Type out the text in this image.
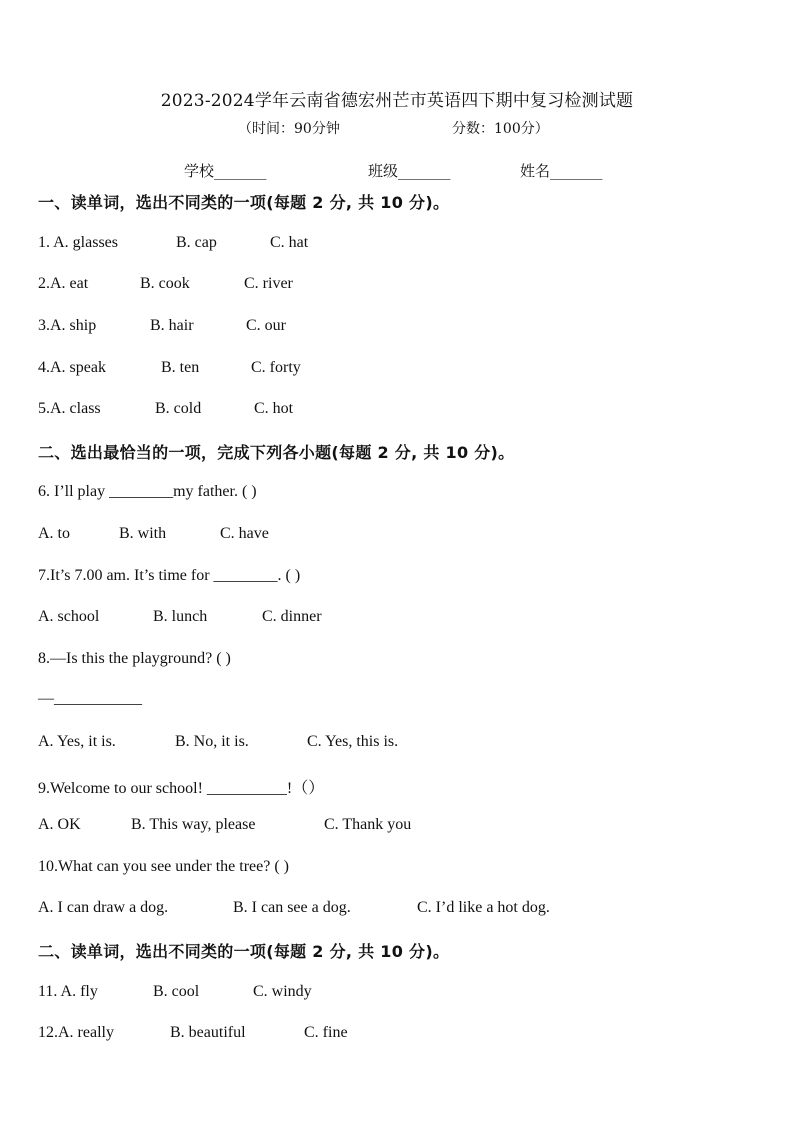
2023-2024学年云南省德宏州芒市英语四下期中复习检测试题
（时间：90分钟	分数：100分）
学校_______	班级_______	姓名_______
一、读单词，选出不同类的一项(每题 2 分, 共 10 分)。
1. A. glasses	B. cap	C. hat
2.A. eat	B. cook	C. river
3.A. ship	B. hair	C. our
4.A. speak	B. ten	C. forty
5.A. class	B. cold	C. hot
二、选出最恰当的一项，完成下列各小题(每题 2 分, 共 10 分)。
6. I’ll play ________my father. ( )
A. to	B. with	C. have
7.It’s 7.00 am. It’s time for ________. ( )
A. school	B. lunch	C. dinner
8.—Is this the playground? ( )
—___________
A. Yes, it is.	B. No, it is.	C. Yes, this is.
9.Welcome to our school! __________!（）
A. OK	B. This way, please	C. Thank you
10.What can you see under the tree? ( )
A. I can draw a dog.	B. I can see a dog.	C. I’d like a hot dog.
二、读单词，选出不同类的一项(每题 2 分, 共 10 分)。
11. A. fly	B. cool	C. windy
12.A. really	B. beautiful	C. fine
